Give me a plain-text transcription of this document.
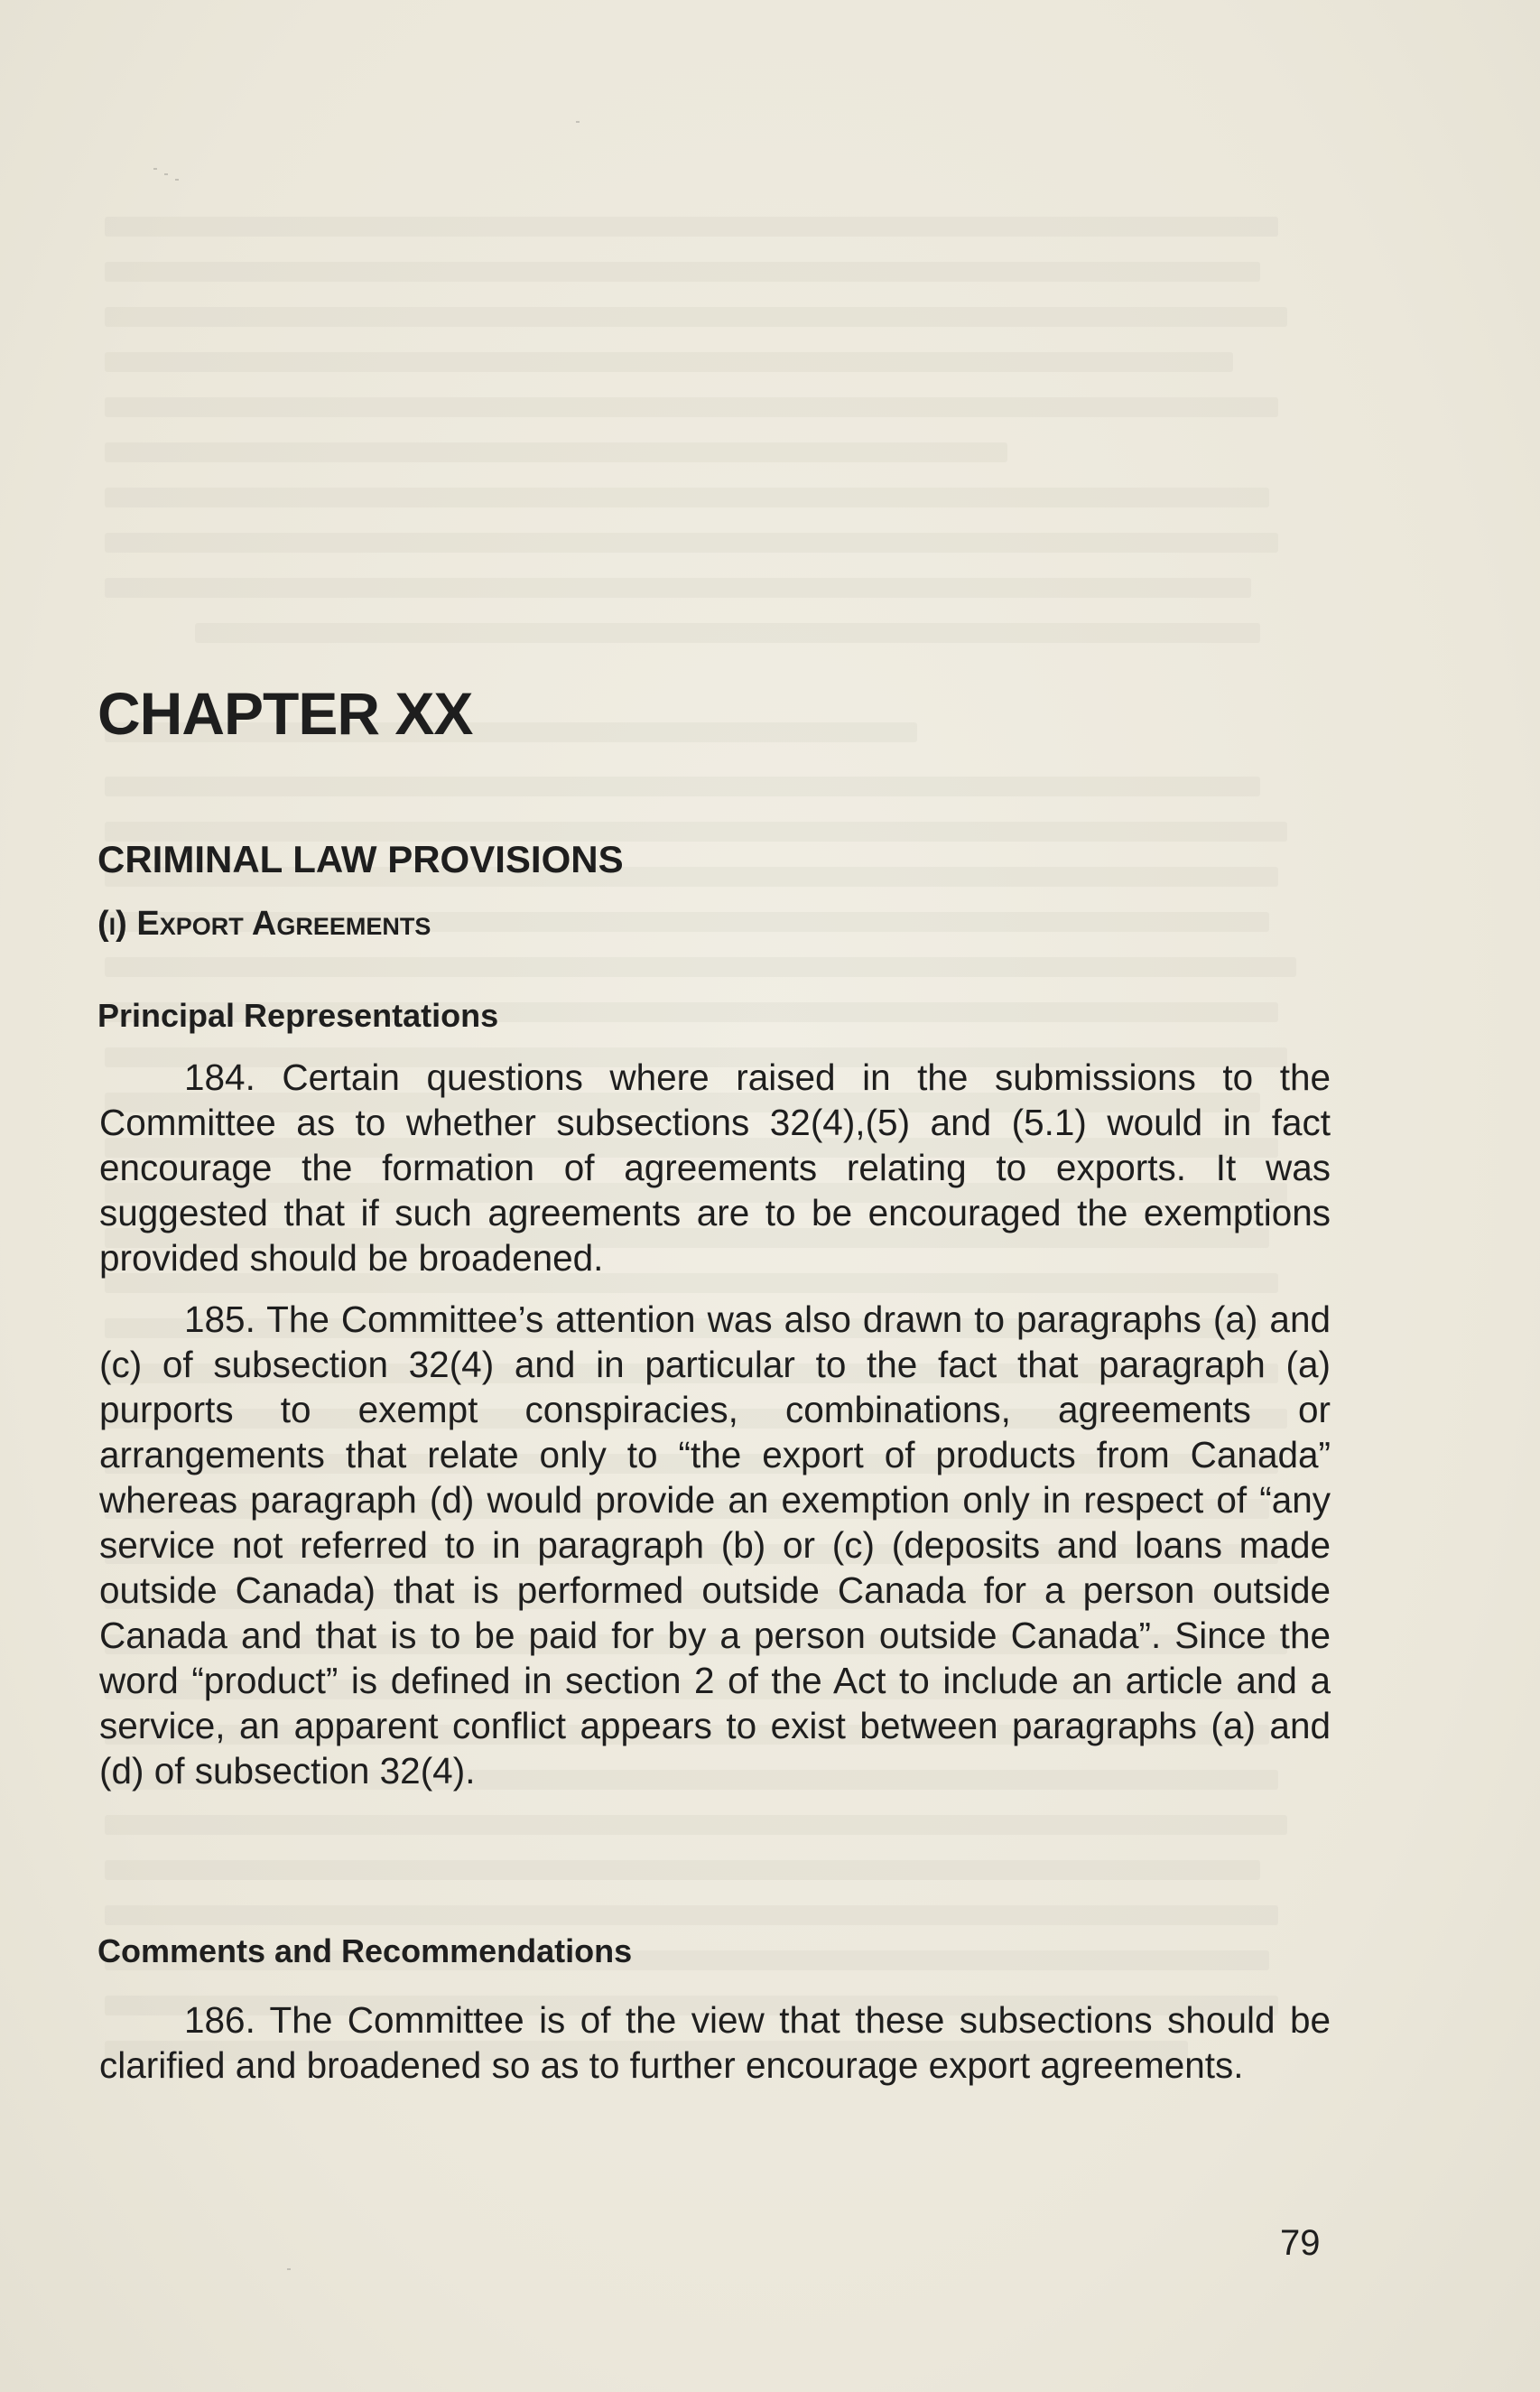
CHAPTER XX
CRIMINAL LAW PROVISIONS
(i) Export Agreements
Principal Representations

184. Certain questions where raised in the submissions to the Committee as to whether subsections 32(4),(5) and (5.1) would in fact encourage the formation of agreements relating to exports. It was suggested that if such agreements are to be encouraged the exemptions provided should be broadened.

185. The Committee’s attention was also drawn to paragraphs (a) and (c) of subsection 32(4) and in particular to the fact that paragraph (a) purports to exempt conspiracies, combinations, agreements or arrangements that relate only to “the export of products from Canada” whereas paragraph (d) would provide an exemption only in respect of “any service not referred to in paragraph (b) or (c) (deposits and loans made outside Canada) that is performed outside Canada for a person outside Canada and that is to be paid for by a person outside Canada”. Since the word “product” is defined in section 2 of the Act to include an article and a service, an apparent conflict appears to exist between paragraphs (a) and (d) of subsection 32(4).

Comments and Recommendations

186. The Committee is of the view that these subsections should be clarified and broadened so as to further encourage export agreements.

79
